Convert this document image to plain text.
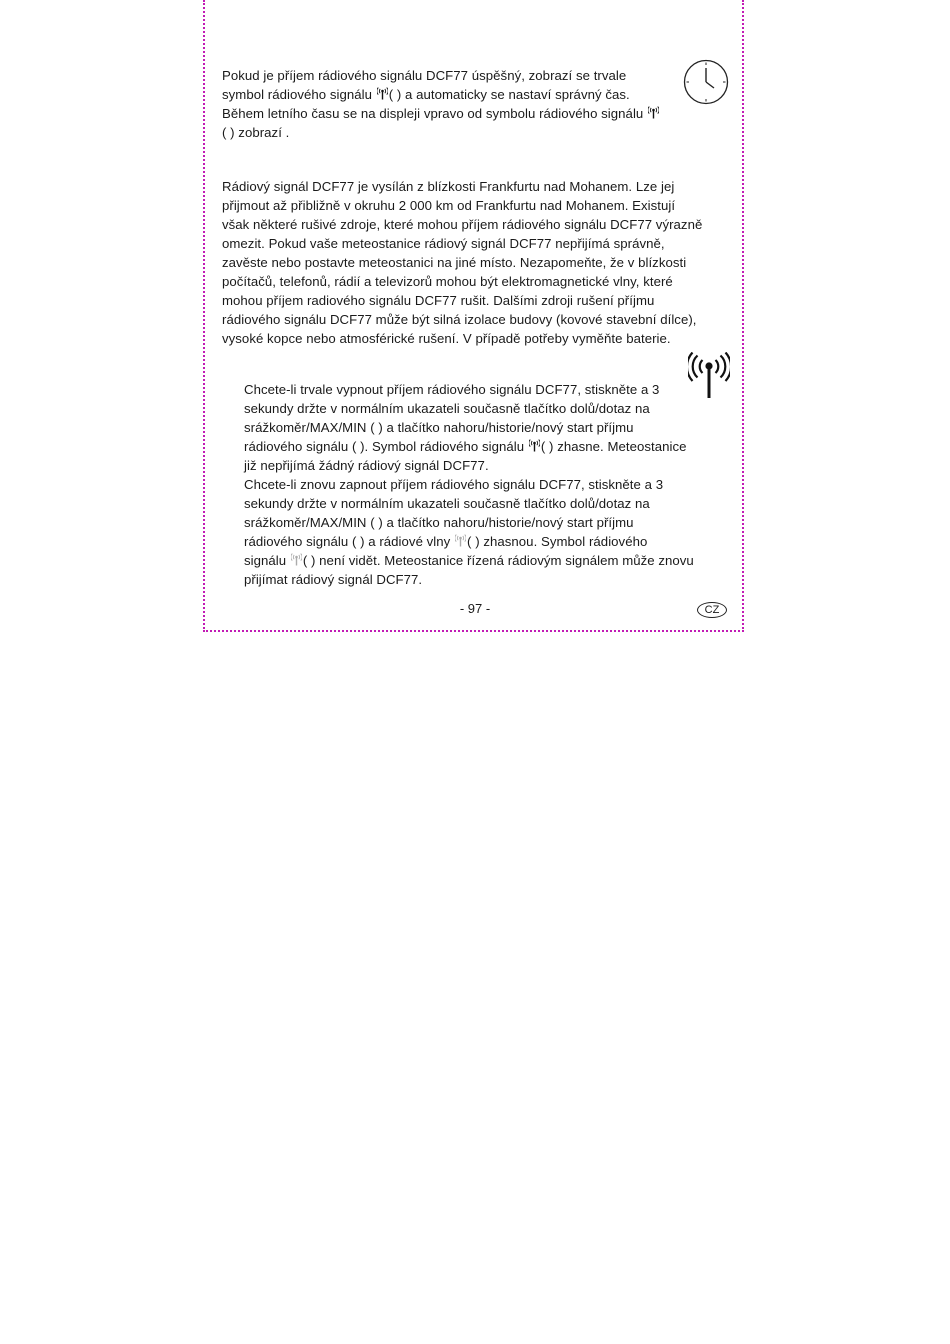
Pokud je příjem rádiového signálu DCF77 úspěšný, zobrazí se trvale
symbol rádiového signálu ( ) a automaticky se nastaví správný čas.
Během letního času se na displeji vpravo od symbolu rádiového signálu
( ) zobrazí .
Rádiový signál DCF77 je vysílán z blízkosti Frankfurtu nad Mohanem. Lze jej
přijmout až přibližně v okruhu 2 000 km od Frankfurtu nad Mohanem. Existují
však některé rušivé zdroje, které mohou příjem rádiového signálu DCF77 výrazně
omezit. Pokud vaše meteostanice rádiový signál DCF77 nepřijímá správně,
zavěste nebo postavte meteostanici na jiné místo. Nezapomeňte, že v blízkosti
počítačů, telefonů, rádií a televizorů mohou být elektromagnetické vlny, které
mohou příjem radiového signálu DCF77 rušit. Dalšími zdroji rušení příjmu
rádiového signálu DCF77 může být silná izolace budovy (kovové stavební dílce),
vysoké kopce nebo atmosférické rušení. V případě potřeby vyměňte baterie.
Chcete-li trvale vypnout příjem rádiového signálu DCF77, stiskněte a 3
sekundy držte v normálním ukazateli současně tlačítko dolů/dotaz na
srážkoměr/MAX/MIN ( ) a tlačítko nahoru/historie/nový start příjmu
rádiového signálu ( ). Symbol rádiového signálu ( ) zhasne. Meteostanice
již nepřijímá žádný rádiový signál DCF77.
Chcete-li znovu zapnout příjem rádiového signálu DCF77, stiskněte a 3
sekundy držte v normálním ukazateli současně tlačítko dolů/dotaz na
srážkoměr/MAX/MIN ( ) a tlačítko nahoru/historie/nový start příjmu
rádiového signálu ( ) a rádiové vlny ( ) zhasnou. Symbol rádiového
signálu ( ) není vidět. Meteostanice řízená rádiovým signálem může znovu
přijímat rádiový signál DCF77.
- 97 -	CZ
